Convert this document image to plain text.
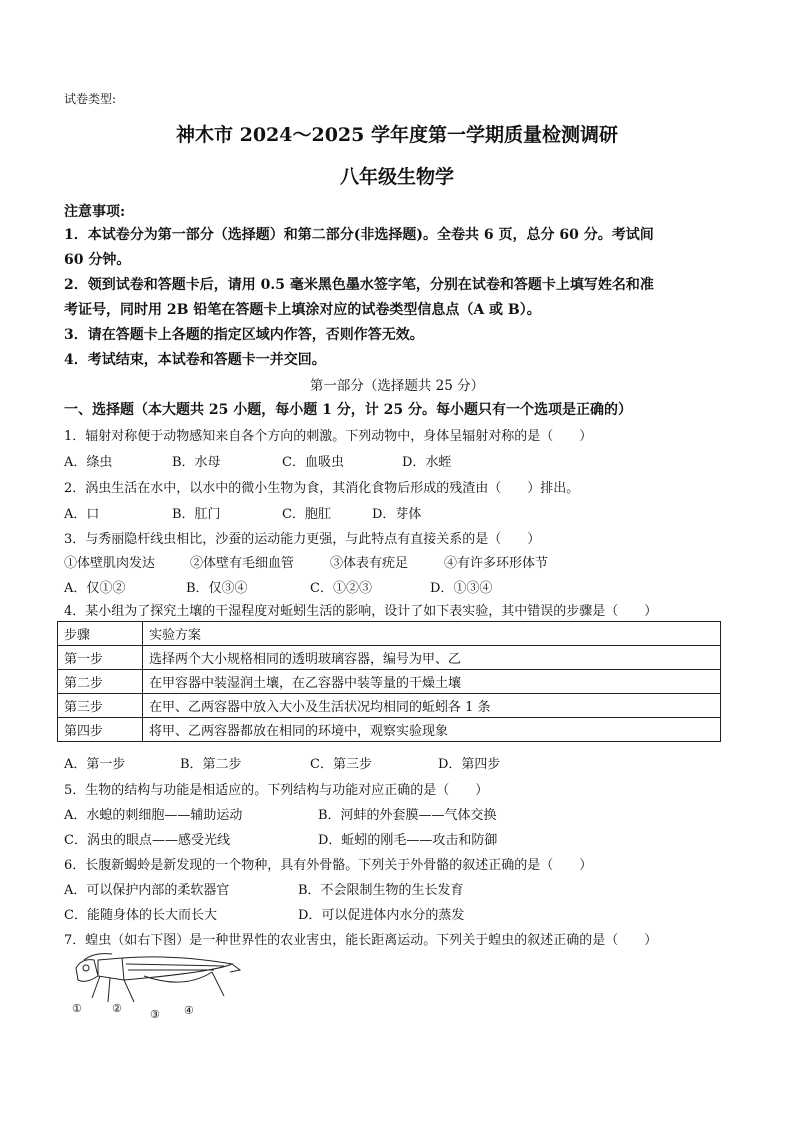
试卷类型:
神木市 2024～2025 学年度第一学期质量检测调研
八年级生物学
注意事项:
1．本试卷分为第一部分（选择题）和第二部分(非选择题)。全卷共 6 页，总分 60 分。考试间
60 分钟。
2．领到试卷和答题卡后，请用 0.5 毫米黑色墨水签字笔，分别在试卷和答题卡上填写姓名和准
考证号，同时用 2B 铅笔在答题卡上填涂对应的试卷类型信息点（A 或 B）。
3．请在答题卡上各题的指定区域内作答，否则作答无效。
4．考试结束，本试卷和答题卡一并交回。
第一部分（选择题共 25 分）
一、选择题（本大题共 25 小题，每小题 1 分，计 25 分。每小题只有一个选项是正确的）
1．辐射对称便于动物感知来自各个方向的刺激。下列动物中，身体呈辐射对称的是（　　）
A．绦虫	B．水母	C．血吸虫	D．水蛭
2．涡虫生活在水中，以水中的微小生物为食，其消化食物后形成的残渣由（　　）排出。
A．口	B．肛门	C．胞肛	D．芽体
3．与秀丽隐杆线虫相比，沙蚕的运动能力更强，与此特点有直接关系的是（　　）
①体壁肌肉发达	②体壁有毛细血管	③体表有疣足	④有许多环形体节
A．仅①②	B．仅③④	C．①②③	D．①③④
4．某小组为了探究土壤的干湿程度对蚯蚓生活的影响，设计了如下表实验，其中错误的步骤是（　　）
步骤	实验方案
第一步	选择两个大小规格相同的透明玻璃容器，编号为甲、乙
第二步	在甲容器中装湿润土壤，在乙容器中装等量的干燥土壤
第三步	在甲、乙两容器中放入大小及生活状况均相同的蚯蚓各 1 条
第四步	将甲、乙两容器都放在相同的环境中，观察实验现象
A．第一步	B．第二步	C．第三步	D．第四步
5．生物的结构与功能是相适应的。下列结构与功能对应正确的是（　　）
A．水螅的刺细胞——辅助运动	B．河蚌的外套膜——气体交换
C．涡虫的眼点——感受光线	D．蚯蚓的刚毛——攻击和防御
6．长腹新蝎蛉是新发现的一个物种，具有外骨骼。下列关于外骨骼的叙述正确的是（　　）
A．可以保护内部的柔软器官	B．不会限制生物的生长发育
C．能随身体的长大而长大	D．可以促进体内水分的蒸发
7．蝗虫（如右下图）是一种世界性的农业害虫，能长距离运动。下列关于蝗虫的叙述正确的是（　　）
①	②	③ ④
